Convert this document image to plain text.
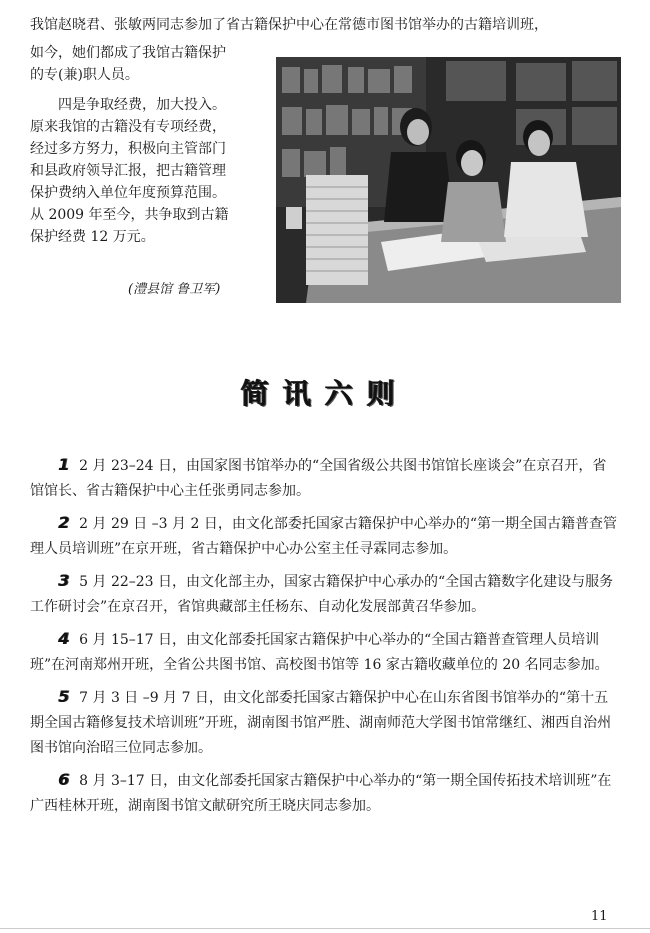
我馆赵晓君、张敏两同志参加了省古籍保护中心在常德市图书馆举办的古籍培训班，

如今，她们都成了我馆古籍保护

的专(兼)职人员。

四是争取经费，加大投入。

原来我馆的古籍没有专项经费，

经过多方努力，积极向主管部门

和县政府领导汇报，把古籍管理

保护费纳入单位年度预算范围。

从 2009 年至今，共争取到古籍

保护经费 12 万元。

(澧县馆 鲁卫军)
简讯六则

1 2 月 23–24 日，由国家图书馆举办的“全国省级公共图书馆馆长座谈会”在京召开，省馆馆长、省古籍保护中心主任张勇同志参加。

2 2 月 29 日 –3 月 2 日，由文化部委托国家古籍保护中心举办的“第一期全国古籍普查管理人员培训班”在京开班，省古籍保护中心办公室主任寻霖同志参加。

3 5 月 22–23 日，由文化部主办，国家古籍保护中心承办的“全国古籍数字化建设与服务工作研讨会”在京召开，省馆典藏部主任杨东、自动化发展部黄召华参加。

4 6 月 15–17 日，由文化部委托国家古籍保护中心举办的“全国古籍普查管理人员培训班”在河南郑州开班，全省公共图书馆、高校图书馆等 16 家古籍收藏单位的 20 名同志参加。

5 7 月 3 日 –9 月 7 日，由文化部委托国家古籍保护中心在山东省图书馆举办的“第十五期全国古籍修复技术培训班”开班，湖南图书馆严胜、湖南师范大学图书馆常继红、湘西自治州图书馆向治昭三位同志参加。

6 8 月 3–17 日，由文化部委托国家古籍保护中心举办的“第一期全国传拓技术培训班”在广西桂林开班，湖南图书馆文献研究所王晓庆同志参加。

11
